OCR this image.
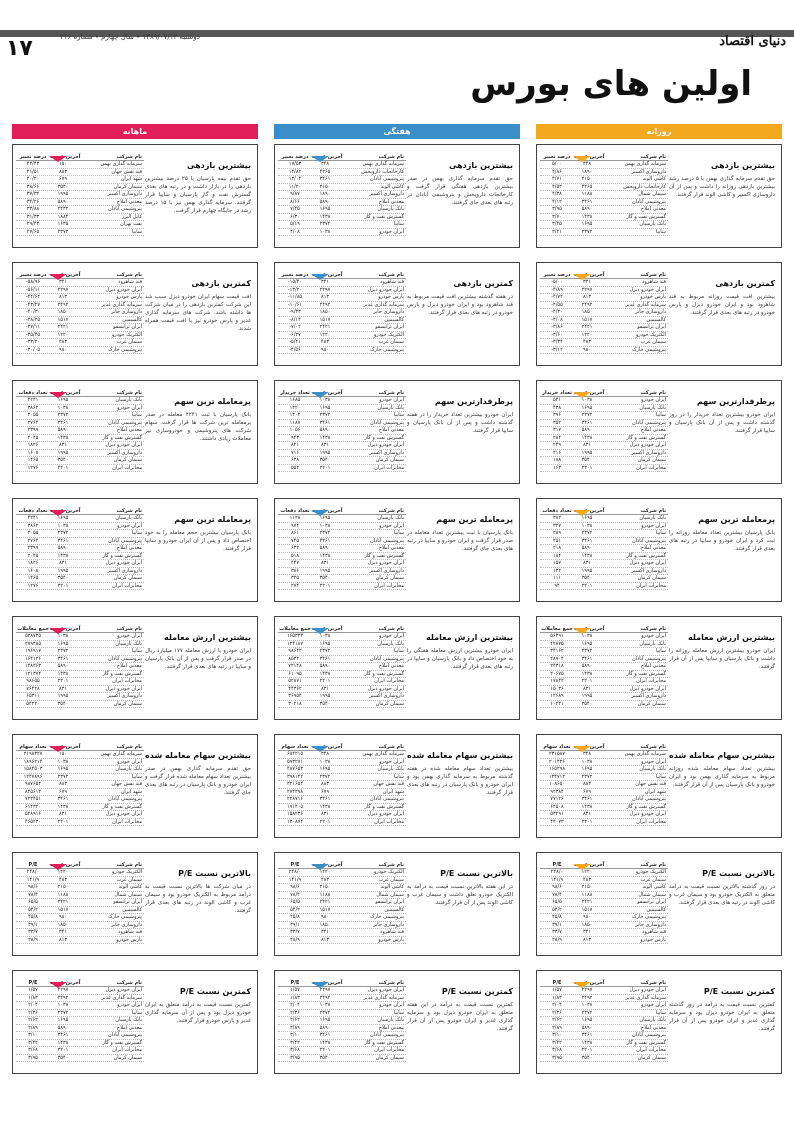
۱۷	دوشنبه ۱۳۸۹/۰۷/۱۲ • سال چهارم • شماره ۲۱۶	دنیای اقتصاد
اولین های بورس
ماهانه
درصد تغییر آخرین قیمت	نام شرکت
۴۳/۴۳	۱۵۰	سرمایه گذاری بهمن
۴۱/۵۱	۸۸۳	قند نقش جهان
۴۰/۲۰	۶۷۹	شهد ایران
۳۸/۶۶	۳۵۴۰	سیمان کرمان
۳۷/۳۲	۱۹۹۵	داروسازی اکسیر
۳۴/۲۶	۵۸۹۰	معدنی املاح
۳۳/۸۸	۲۴۳۲	پتروشیمی آبادان
۳۱/۳۳	۱۸۸۴	کابل البرز
۲۹/۴۴	۱۶۳۵	نفت بهران
۲۷/۶۵	۲۳۷۲	سایپا
بیشترین بازدهی
حق تقدم بیمه پارسیان با ۲۵ درصد بیشترین بازدهی را در بازار داشت و در رتبه های بعدی گسترش نفت و گاز پارسیان و سایپا قرار گرفتند. سرمایه گذاری بهمن نیز با ۱۵ درصد رشد در جایگاه چهارم قرار گرفت.
درصد تغییر آخرین قیمت	نام شرکت
-۵۸/۹۶	۳۴۱	قند شاهرود
-۵۶/۱۱	۲۲۹۷	ایران خودرو دیزل
-۴۴/۶۴	۸۱۳	پارس خودرو
-۴۳/۲۷	۲۴۹۲	سرمایه گذاری غدیر
-۴۰/۳۰	۱۸۵۰	داروسازی جابر
-۳۸/۲۵	۱۵۱۷	کالسیمین
-۳۷/۱۱	۲۴۲۱	ایران ترانسفو
-۳۵/۴۵	۱۲۲۰	الکتریک خودرو
-۳۳/۲۰	۴۸۳	سیمان غرب
-۳۰/۰۵	۹۸۰	پتروشیمی خارک
کمترین بازدهی
افت قیمت سهام ایران خودرو دیزل سبب شد این شرکت کمترین بازدهی را در میان شرکت ها داشته باشد. شرکت های سرمایه گذاری غدیر و پارس خودرو نیز با افت قیمت همراه شدند.
تعداد دفعات آخرین قیمت	نام شرکت
۴۲۴۱	۱۶۹۵	بانک پارسیان
۳۸۶۲	۱۰۳۸	ایران خودرو
۳۰۵۵	۲۳۷۲	سایپا
۲۷۶۴	۳۴۶۱	پتروشیمی آبادان
۲۳۹۹	۵۸۹۰	معدنی املاح
۲۰۴۵	۱۴۳۸	گسترش نفت و گاز
۱۸۲۶	۸۳۱	ایران خودرو دیزل
۱۶۰۸	۱۹۹۵	داروسازی اکسیر
۱۴۶۵	۳۵۴۰	سیمان کرمان
۱۲۷۶	۲۲۰۱	مخابرات ایران
پرمعامله ترین سهم
بانک پارسیان با ثبت ۴۲۴۱ معامله در صدر پرمعامله ترین شرکت ها قرار گرفت. سهام شرکت های پتروشیمی و خودروسازی نیز معاملات زیادی داشتند.
تعداد دفعات آخرین قیمت	نام شرکت
۴۲۴۱	۱۶۹۵	بانک پارسیان
۳۸۶۲	۱۰۳۸	ایران خودرو
۳۰۵۵	۲۳۷۲	سایپا
۲۷۶۴	۳۴۶۱	پتروشیمی آبادان
۲۳۹۹	۵۸۹۰	معدنی املاح
۲۰۴۵	۱۴۳۸	گسترش نفت و گاز
۱۸۲۶	۸۳۱	ایران خودرو دیزل
۱۶۰۸	۱۹۹۵	داروسازی اکسیر
۱۴۶۵	۳۵۴۰	سیمان کرمان
۱۲۷۶	۲۲۰۱	مخابرات ایران
پرمعامله ترین سهم
بانک پارسیان بیشترین حجم معامله را به خود اختصاص داد و پس از آن ایران خودرو و سایپا قرار گرفتند.
جمع معاملات آخرین قیمت	نام شرکت
۵۳۸۷۳۵	۱۰۳۸	ایران خودرو
۲۷۹۴۸۵	۱۶۹۵	بانک پارسیان
۱۹۶۹۱۷	۲۳۷۲	سایپا
۱۶۴۱۲۶	۳۴۶۱	پتروشیمی آبادان
۱۴۸۲۶۳	۵۸۹۰	معدنی املاح
۱۲۱۳۷۴	۱۴۳۸	گسترش نفت و گاز
۹۸۶۵۵	۲۲۰۱	مخابرات ایران
۷۶۴۲۸	۸۳۱	ایران خودرو دیزل
۶۵۳۱۱	۱۹۹۵	داروسازی اکسیر
۵۴۲۲۰	۳۵۴۰	سیمان کرمان
بیشترین ارزش معامله
ایران خودرو با ارزش معامله ۱۷۷ میلیارد ریال در صدر قرار گرفت و پس از آن بانک پارسیان و سایپا در رتبه های بعدی قرار گرفتند.
تعداد سهام آخرین قیمت	نام شرکت
۲۱۹۸۳۲۷	۱۵۰	سرمایه گذاری بهمن
۱۸۹۶۲۱۴	۱۰۳۸	ایران خودرو
۱۵۸۴۵۰۳	۱۶۹۵	بانک پارسیان
۱۲۴۷۸۹۶	۲۳۷۲	سایپا
۹۸۷۶۵۴	۸۸۳	قند نقش جهان
۸۴۵۶۱۲	۶۷۹	شهد ایران
۷۲۳۴۵۱	۳۴۶۱	پتروشیمی آبادان
۶۱۴۳۲۰	۱۴۳۸	گسترش نفت و گاز
۵۲۸۹۱۶	۸۳۱	ایران خودرو دیزل
۴۶۵۲۳۰	۲۲۰۱	مخابرات ایران
بیشترین سهام معامله شده
حق تقدم سرمایه گذاری بهمن در صدر بیشترین تعداد سهام معامله شده قرار گرفت و ایران خودرو و بانک پارسیان در رتبه های بعدی جای گرفتند.
P/E	آخرین قیمت	نام شرکت
۲۴۸/۰	۱۲۲۰	الکتریک خودرو
۱۴۱/۹	۴۸۳	سیمان غرب
۹۸/۶	۲۱۵۰	کاشی الوند
۷۸/۴	۱۱۸۸	سیمان شمال
۶۵/۵	۲۴۲۱	ایران ترانسفو
۵۴/۲	۱۵۱۷	کالسیمین
۴۵/۸	۹۸۰	پتروشیمی خارک
۳۹/۱	۱۸۵۰	داروسازی جابر
۳۳/۷	۳۴۱	قند شاهرود
۲۸/۹	۸۱۳	پارس خودرو
بالاترین نسبت P/E
در میان شرکت ها بالاترین نسبت قیمت به درآمد مربوط به الکتریک خودرو بود و سیمان غرب و کاشی الوند در رتبه های بعدی قرار گرفتند.
P/E	آخرین قیمت	نام شرکت
۱/۵۷	۲۲۹۷	ایران خودرو دیزل
۱/۸۳	۲۴۹۲	سرمایه گذاری غدیر
۲/۰۴	۱۰۳۸	ایران خودرو
۲/۳۶	۲۳۷۲	سایپا
۲/۶۲	۱۶۹۵	بانک پارسیان
۲/۸۹	۵۸۹۰	معدنی املاح
۳/۱۰	۳۴۶۱	پتروشیمی آبادان
۳/۴۲	۱۴۳۸	گسترش نفت و گاز
۳/۶۸	۲۲۰۱	مخابرات ایران
۳/۹۵	۳۵۴۰	سیمان کرمان
کمترین نسبت P/E
کمترین نسبت قیمت به درآمد متعلق به ایران خودرو دیزل بود و پس از آن سرمایه گذاری غدیر و پارس خودرو قرار گرفتند.
هفتگی
درصد تغییر آخرین قیمت	نام شرکت
۱۷/۵۳	۳۴۸	سرمایه گذاری بهمن
۱۴/۸۲	۴۲۶۵	کارخانجات داروپخش
۱۳/۰۴	۳۴۶۱	پتروشیمی آبادان
۱۱/۲۰	۲۱۵۰	کاشی الوند
۹/۸۷	۱۸۹۰	داروسازی اکسیر
۸/۶۶	۵۸۹۰	معدنی املاح
۷/۴۵	۱۶۹۵	بانک پارسیان
۶/۳۰	۱۴۳۸	گسترش نفت و گاز
۵/۱۹	۲۳۷۲	سایپا
۴/۰۸	۱۰۳۸	ایران خودرو
بیشترین بازدهی
حق تقدم سرمایه گذاری بهمن در صدر بیشترین بازدهی هفتگی قرار گرفت و کارخانجات داروپخش و پتروشیمی آبادان در رتبه های بعدی جای گرفتند.
درصد تغییر آخرین قیمت	نام شرکت
-۱۵/۴۰	۳۴۱	قند شاهرود
-۱۳/۲۰	۲۲۹۷	ایران خودرو دیزل
-۱۱/۸۵	۸۱۳	پارس خودرو
-۱۰/۶۱	۲۴۹۲	سرمایه گذاری غدیر
-۹/۳۳	۱۸۵۰	داروسازی جابر
-۸/۱۴	۱۵۱۷	کالسیمین
-۷/۰۲	۲۴۲۱	ایران ترانسفو
-۶/۲۷	۱۲۲۰	الکتریک خودرو
-۵/۴۱	۴۸۳	سیمان غرب
-۴/۵۶	۹۸۰	پتروشیمی خارک
کمترین بازدهی
در هفته گذشته بیشترین افت قیمت مربوط به قند شاهرود بود و ایران خودرو دیزل و پارس خودرو در رتبه های بعدی قرار گرفتند.
تعداد خریدار آخرین قیمت	نام شرکت
۱۶۸۵	۱۰۳۸	ایران خودرو
۱۴۲۰	۱۶۹۵	بانک پارسیان
۱۳۰۴	۲۳۷۲	سایپا
۱۱۸۷	۳۴۶۱	پتروشیمی آبادان
۱۰۵۶	۵۸۹۰	معدنی املاح
۹۴۳	۱۴۳۸	گسترش نفت و گاز
۸۲۱	۸۳۱	ایران خودرو دیزل
۷۱۶	۱۹۹۵	داروسازی اکسیر
۶۳۸	۳۵۴۰	سیمان کرمان
۵۵۲	۲۲۰۱	مخابرات ایران
پرطرفدارترین سهم
ایران خودرو بیشترین تعداد خریدار را در هفته گذشته داشت و پس از آن بانک پارسیان و سایپا قرار گرفتند.
تعداد دفعات آخرین قیمت	نام شرکت
۱۱۲۸	۱۶۹۵	بانک پارسیان
۹۷۴	۱۰۳۸	ایران خودرو
۸۶۱	۲۳۷۲	سایپا
۷۴۵	۳۴۶۱	پتروشیمی آبادان
۶۳۲	۵۸۹۰	معدنی املاح
۵۱۸	۱۴۳۸	گسترش نفت و گاز
۴۴۷	۸۳۱	ایران خودرو دیزل
۳۸۶	۱۹۹۵	داروسازی اکسیر
۳۲۵	۳۵۴۰	سیمان کرمان
۲۷۴	۲۲۰۱	مخابرات ایران
پرمعامله ترین سهم
بانک پارسیان با ثبت بیشترین تعداد معامله در صدر قرار گرفت و ایران خودرو و سایپا در رتبه های بعدی جای گرفتند.
جمع معاملات آخرین قیمت	نام شرکت
۱۶۵۳۳۳	۱۰۳۸	ایران خودرو
۱۲۴۱۸۷	۱۶۹۵	بانک پارسیان
۹۸۶۴۲	۲۳۷۲	سایپا
۸۵۳۲۰	۳۴۶۱	پتروشیمی آبادان
۷۲۱۴۸	۵۸۹۰	معدنی املاح
۶۱۰۹۵	۱۴۳۸	گسترش نفت و گاز
۵۲۸۷۱	۲۲۰۱	مخابرات ایران
۴۴۳۶۲	۸۳۱	ایران خودرو دیزل
۳۶۹۵۴	۱۹۹۵	داروسازی اکسیر
۳۰۲۱۸	۳۵۴۰	سیمان کرمان
بیشترین ارزش معامله
ایران خودرو بیشترین ارزش معامله هفتگی را به خود اختصاص داد و بانک پارسیان و سایپا در رتبه های بعدی قرار گرفتند.
تعداد سهام آخرین قیمت	نام شرکت
۶۸۴۲۱۵	۳۴۸	سرمایه گذاری بهمن
۵۹۳۲۷۱	۱۰۳۸	ایران خودرو
۴۸۷۶۵۳	۱۶۹۵	بانک پارسیان
۳۹۸۱۴۲	۲۳۷۲	سایپا
۳۲۱۶۵۴	۸۸۳	قند نقش جهان
۲۷۴۳۹۸	۶۷۹	شهد ایران
۲۲۸۷۱۶	۳۴۶۱	پتروشیمی آبادان
۱۹۱۴۰۵	۱۴۳۸	گسترش نفت و گاز
۱۵۸۲۳۶	۸۳۱	ایران خودرو دیزل
۱۳۰۸۷۴	۲۲۰۱	مخابرات ایران
بیشترین سهام معامله شده
بیشترین تعداد سهام معامله شده در هفته گذشته مربوط به سرمایه گذاری بهمن بود و ایران خودرو و بانک پارسیان در رتبه های بعدی قرار گرفتند.
P/E	آخرین قیمت	نام شرکت
۲۴۸/۰	۱۲۲۰	الکتریک خودرو
۱۴۱/۹	۴۸۳	سیمان غرب
۹۸/۶	۲۱۵۰	کاشی الوند
۷۸/۴	۱۱۸۸	سیمان شمال
۶۵/۵	۲۴۲۱	ایران ترانسفو
۵۴/۲	۱۵۱۷	کالسیمین
۴۵/۸	۹۸۰	پتروشیمی خارک
۳۹/۱	۱۸۵۰	داروسازی جابر
۳۳/۷	۳۴۱	قند شاهرود
۲۸/۹	۸۱۳	پارس خودرو
بالاترین نسبت P/E
در این هفته بالاترین نسبت قیمت به درآمد به الکتریک خودرو تعلق داشت و سیمان غرب و کاشی الوند پس از آن قرار گرفتند.
P/E	آخرین قیمت	نام شرکت
۱/۵۷	۲۲۹۷	ایران خودرو دیزل
۱/۸۳	۲۴۹۲	سرمایه گذاری غدیر
۲/۰۴	۱۰۳۸	ایران خودرو
۲/۳۶	۲۳۷۲	سایپا
۲/۶۲	۱۶۹۵	بانک پارسیان
۲/۸۹	۵۸۹۰	معدنی املاح
۳/۱۰	۳۴۶۱	پتروشیمی آبادان
۳/۴۲	۱۴۳۸	گسترش نفت و گاز
۳/۶۸	۲۲۰۱	مخابرات ایران
۳/۹۵	۳۵۴۰	سیمان کرمان
کمترین نسبت P/E
کمترین نسبت قیمت به درآمد در این هفته متعلق به ایران خودرو دیزل بود و سرمایه گذاری غدیر و ایران خودرو پس از آن قرار گرفتند.
روزانه
درصد تغییر آخرین قیمت	نام شرکت
۵/۰۰	۳۴۸	سرمایه گذاری بهمن
۴/۸۶	۱۸۹۰	داروسازی اکسیر
۴/۷۱	۲۱۵۰	کاشی الوند
۴/۵۳	۴۲۶۵	کارخانجات داروپخش
۴/۳۸	۱۱۸۸	سیمان شمال
۴/۱۲	۳۴۶۱	پتروشیمی آبادان
۳/۹۵	۵۸۹۰	معدنی املاح
۳/۷۰	۱۴۳۸	گسترش نفت و گاز
۳/۴۵	۱۶۹۵	بانک پارسیان
۳/۲۱	۲۳۷۲	سایپا
بیشترین بازدهی
حق تقدم سرمایه گذاری بهمن با ۵ درصد رشد بیشترین بازدهی روزانه را داشت و پس از آن داروسازی اکسیر و کاشی الوند قرار گرفتند.
درصد تغییر آخرین قیمت	نام شرکت
-۵/۰۰	۳۴۱	قند شاهرود
-۴/۸۹	۲۲۹۷	ایران خودرو دیزل
-۴/۷۲	۸۱۳	پارس خودرو
-۴/۵۵	۲۴۹۲	سرمایه گذاری غدیر
-۴/۳۰	۱۸۵۰	داروسازی جابر
-۴/۰۸	۱۵۱۷	کالسیمین
-۳/۸۶	۲۴۲۱	ایران ترانسفو
-۳/۶۰	۱۲۲۰	الکتریک خودرو
-۳/۳۴	۴۸۳	سیمان غرب
-۳/۱۲	۹۸۰	پتروشیمی خارک
کمترین بازدهی
بیشترین افت قیمت روزانه مربوط به قند شاهرود بود و ایران خودرو دیزل و پارس خودرو در رتبه های بعدی قرار گرفتند.
تعداد خریدار آخرین قیمت	نام شرکت
۵۴۱	۱۰۳۸	ایران خودرو
۴۳۸	۱۶۹۵	بانک پارسیان
۳۹۶	۲۳۷۲	سایپا
۳۵۲	۳۴۶۱	پتروشیمی آبادان
۳۱۷	۵۸۹۰	معدنی املاح
۲۸۴	۱۴۳۸	گسترش نفت و گاز
۲۴۹	۸۳۱	ایران خودرو دیزل
۲۱۶	۱۹۹۵	داروسازی اکسیر
۱۸۸	۳۵۴۰	سیمان کرمان
۱۶۳	۲۲۰۱	مخابرات ایران
پرطرفدارترین سهم
ایران خودرو بیشترین تعداد خریدار را در روز گذشته داشت و پس از آن بانک پارسیان و سایپا قرار گرفتند.
تعداد دفعات آخرین قیمت	نام شرکت
۳۸۲	۱۶۹۵	بانک پارسیان
۳۲۷	۱۰۳۸	ایران خودرو
۲۸۹	۲۳۷۲	سایپا
۲۵۱	۳۴۶۱	پتروشیمی آبادان
۲۱۸	۵۸۹۰	معدنی املاح
۱۸۴	۱۴۳۸	گسترش نفت و گاز
۱۵۷	۸۳۱	ایران خودرو دیزل
۱۳۲	۱۹۹۵	داروسازی اکسیر
۱۱۱	۳۵۴۰	سیمان کرمان
۹۴	۲۲۰۱	مخابرات ایران
پرمعامله ترین سهم
بانک پارسیان بیشترین تعداد معامله روزانه را ثبت کرد و ایران خودرو و سایپا در رتبه های بعدی قرار گرفتند.
جمع معاملات آخرین قیمت	نام شرکت
۵۶۳۹۱	۱۰۳۸	ایران خودرو
۴۲۸۷۵	۱۶۹۵	بانک پارسیان
۳۴۱۶۲	۲۳۷۲	سایپا
۲۸۹۰۴	۳۴۶۱	پتروشیمی آبادان
۲۴۳۱۸	۵۸۹۰	معدنی املاح
۲۰۶۷۵	۱۴۳۸	گسترش نفت و گاز
۱۷۸۴۲	۲۲۰۱	مخابرات ایران
۱۵۰۳۶	۸۳۱	ایران خودرو دیزل
۱۲۶۸۹	۱۹۹۵	داروسازی اکسیر
۱۰۴۲۱	۳۵۴۰	سیمان کرمان
بیشترین ارزش معامله
ایران خودرو بیشترین ارزش معامله روزانه را داشت و بانک پارسیان و سایپا پس از آن قرار گرفتند.
تعداد سهام آخرین قیمت	نام شرکت
۲۳۱۵۸۷	۳۴۸	سرمایه گذاری بهمن
۲۰۱۴۳۶	۱۰۳۸	ایران خودرو
۱۶۵۲۹۸	۱۶۹۵	بانک پارسیان
۱۳۴۷۱۲	۲۳۷۲	سایپا
۱۰۸۶۵۰	۸۸۳	قند نقش جهان
۹۲۳۸۴	۶۷۹	شهد ایران
۷۷۱۲۶	۳۴۶۱	پتروشیمی آبادان
۶۴۵۰۸	۱۴۳۸	گسترش نفت و گاز
۵۳۲۹۱	۸۳۱	ایران خودرو دیزل
۴۴۰۷۳	۲۲۰۱	مخابرات ایران
بیشترین سهام معامله شده
بیشترین تعداد سهام معامله شده روزانه مربوط به سرمایه گذاری بهمن بود و ایران خودرو و بانک پارسیان پس از آن قرار گرفتند.
P/E	آخرین قیمت	نام شرکت
۲۴۸/۰	۱۲۲۰	الکتریک خودرو
۱۴۱/۹	۴۸۳	سیمان غرب
۹۸/۶	۲۱۵۰	کاشی الوند
۷۸/۴	۱۱۸۸	سیمان شمال
۶۵/۵	۲۴۲۱	ایران ترانسفو
۵۴/۲	۱۵۱۷	کالسیمین
۴۵/۸	۹۸۰	پتروشیمی خارک
۳۹/۱	۱۸۵۰	داروسازی جابر
۳۳/۷	۳۴۱	قند شاهرود
۲۸/۹	۸۱۳	پارس خودرو
بالاترین نسبت P/E
در روز گذشته بالاترین نسبت قیمت به درآمد متعلق به الکتریک خودرو بود و سیمان غرب و کاشی الوند در رتبه های بعدی قرار گرفتند.
P/E	آخرین قیمت	نام شرکت
۱/۵۷	۲۲۹۷	ایران خودرو دیزل
۱/۸۳	۲۴۹۲	سرمایه گذاری غدیر
۲/۰۴	۱۰۳۸	ایران خودرو
۲/۳۶	۲۳۷۲	سایپا
۲/۶۲	۱۶۹۵	بانک پارسیان
۲/۸۹	۵۸۹۰	معدنی املاح
۳/۱۰	۳۴۶۱	پتروشیمی آبادان
۳/۴۲	۱۴۳۸	گسترش نفت و گاز
۳/۶۸	۲۲۰۱	مخابرات ایران
۳/۹۵	۳۵۴۰	سیمان کرمان
کمترین نسبت P/E
کمترین نسبت قیمت به درآمد در روز گذشته متعلق به ایران خودرو دیزل بود و سرمایه گذاری غدیر و ایران خودرو پس از آن قرار گرفتند.
